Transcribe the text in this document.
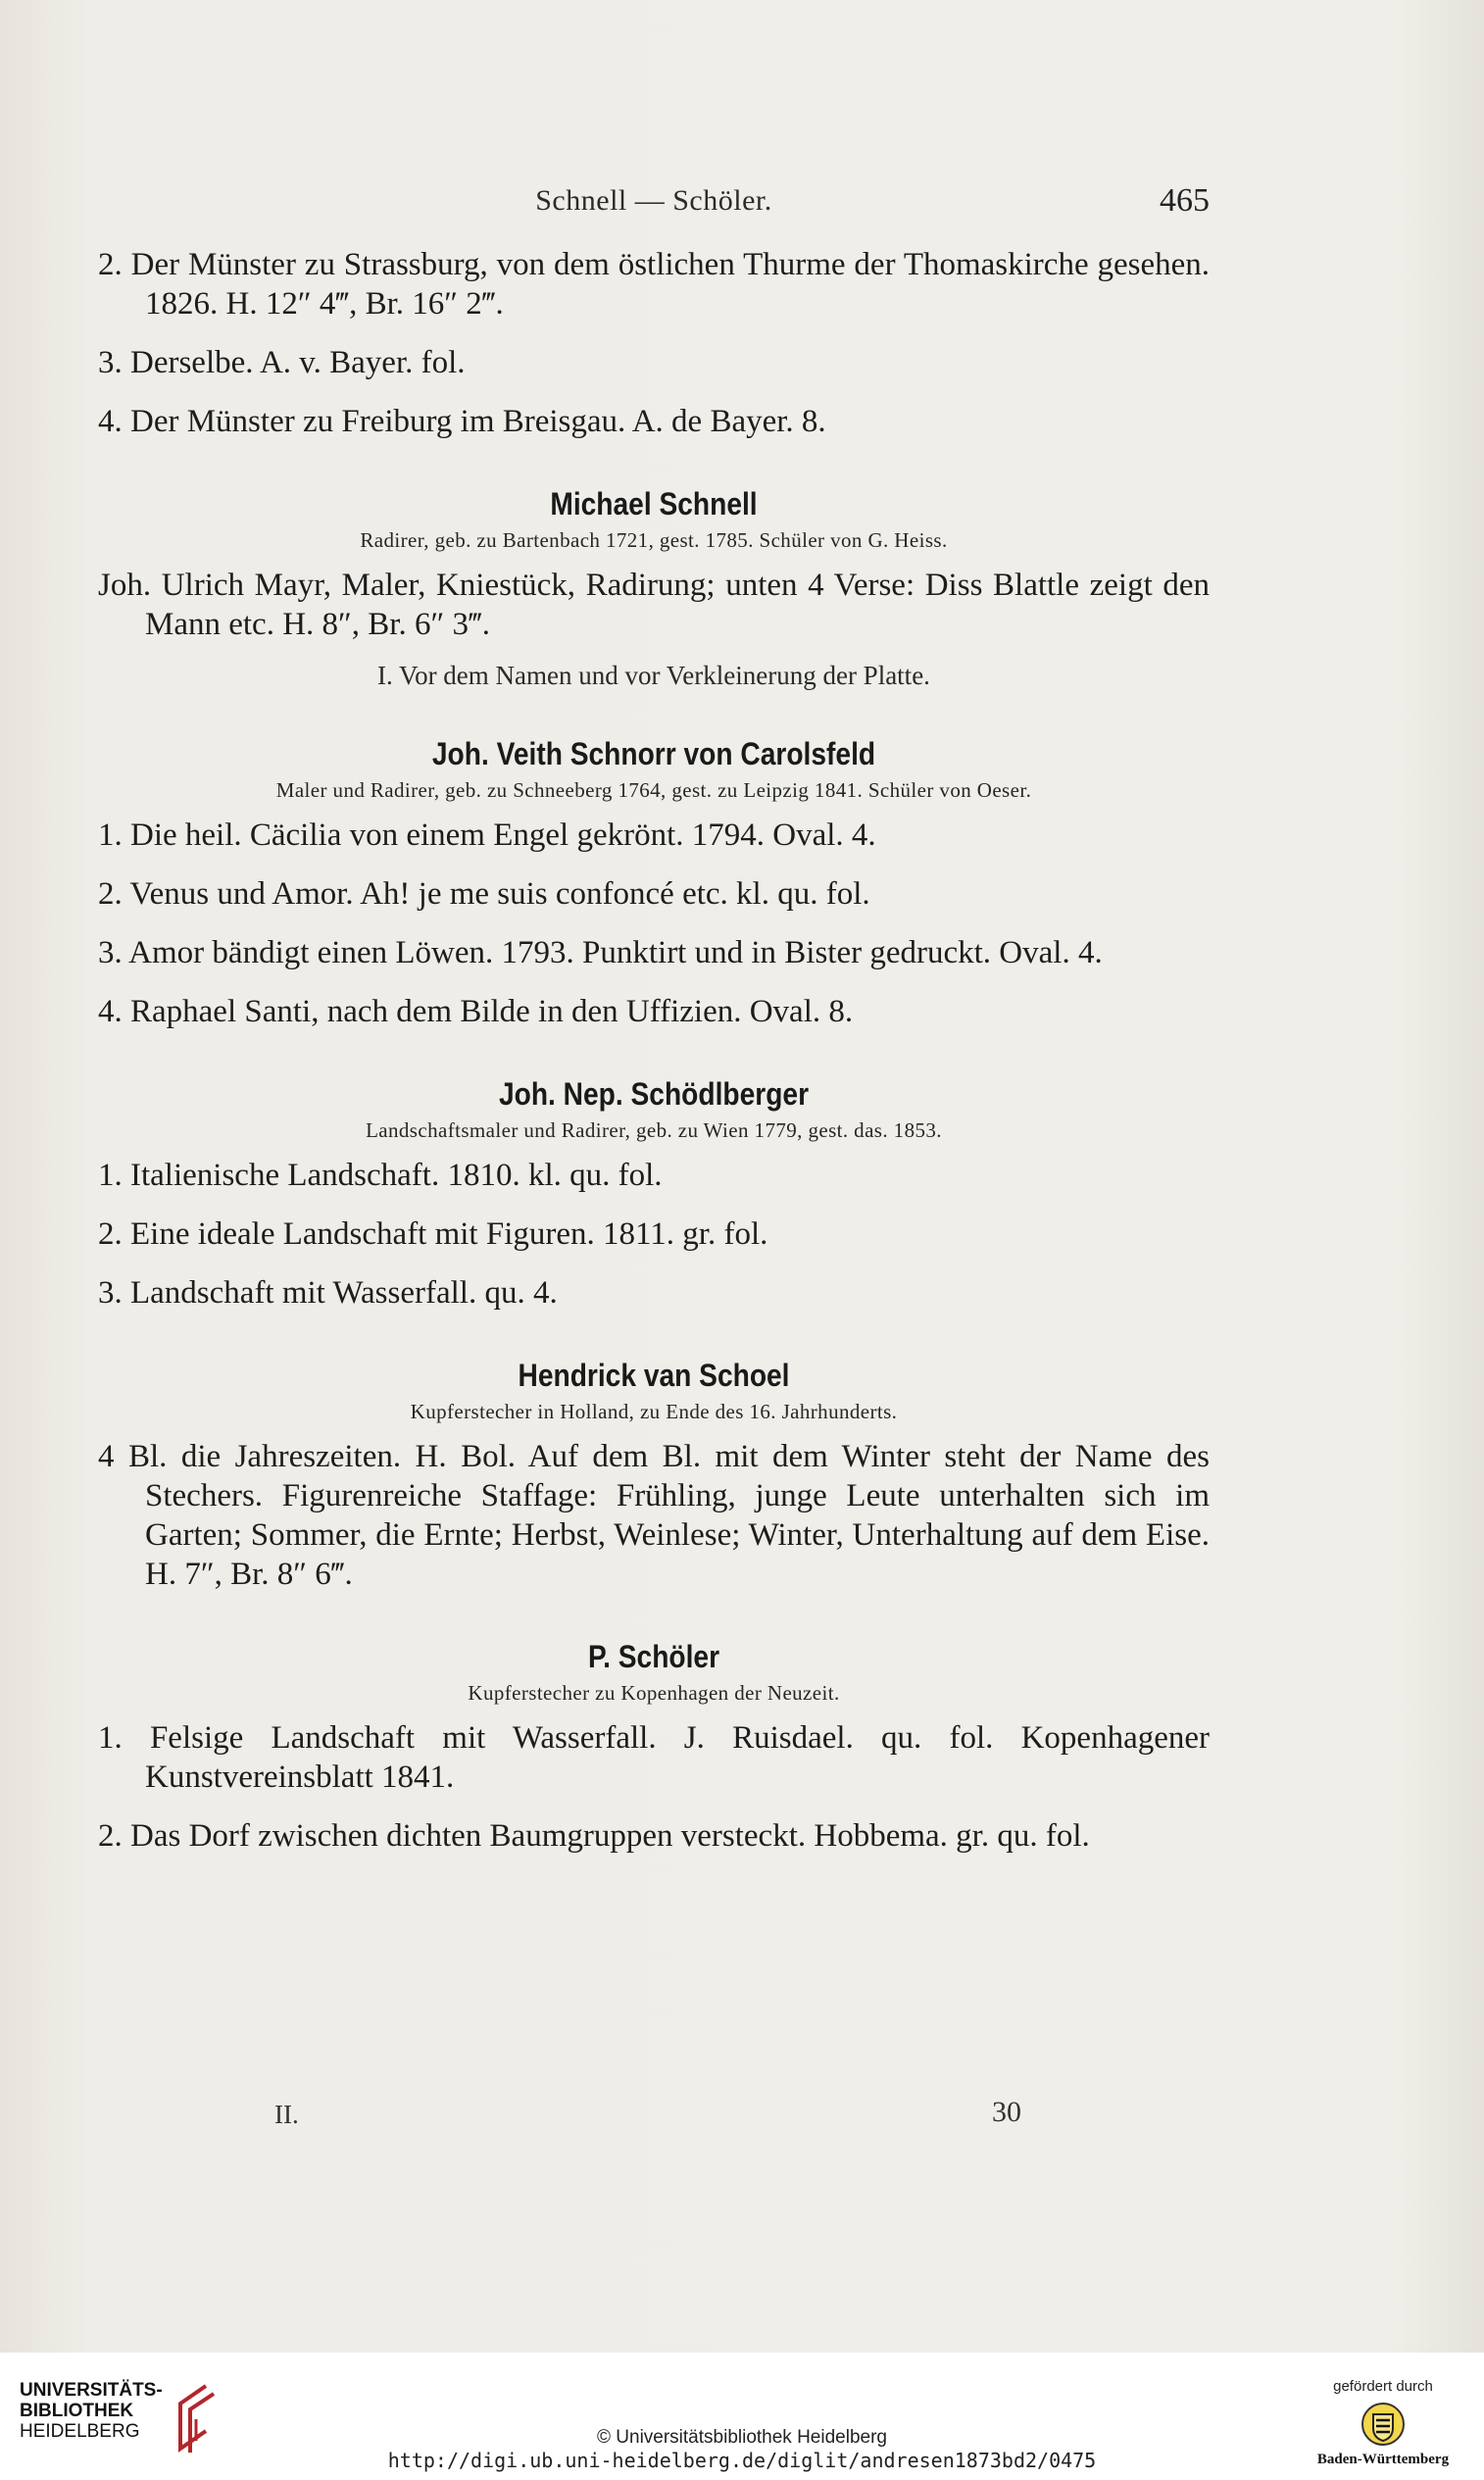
Schnell — Schöler.	465

2. Der Münster zu Strassburg, von dem östlichen Thurme der Thomaskirche gesehen. 1826. H. 12″ 4‴, Br. 16″ 2‴.

3. Derselbe. A. v. Bayer. fol.

4. Der Münster zu Freiburg im Breisgau. A. de Bayer. 8.

Michael Schnell
Radirer, geb. zu Bartenbach 1721, gest. 1785. Schüler von G. Heiss.

Joh. Ulrich Mayr, Maler, Kniestück, Radirung; unten 4 Verse: Diss Blattle zeigt den Mann etc. H. 8″, Br. 6″ 3‴.

I. Vor dem Namen und vor Verkleinerung der Platte.
Joh. Veith Schnorr von Carolsfeld
Maler und Radirer, geb. zu Schneeberg 1764, gest. zu Leipzig 1841. Schüler von Oeser.

1. Die heil. Cäcilia von einem Engel gekrönt. 1794. Oval. 4.

2. Venus und Amor. Ah! je me suis confoncé etc. kl. qu. fol.

3. Amor bändigt einen Löwen. 1793. Punktirt und in Bister gedruckt. Oval. 4.

4. Raphael Santi, nach dem Bilde in den Uffizien. Oval. 8.

Joh. Nep. Schödlberger
Landschaftsmaler und Radirer, geb. zu Wien 1779, gest. das. 1853.

1. Italienische Landschaft. 1810. kl. qu. fol.

2. Eine ideale Landschaft mit Figuren. 1811. gr. fol.

3. Landschaft mit Wasserfall. qu. 4.

Hendrick van Schoel
Kupferstecher in Holland, zu Ende des 16. Jahrhunderts.

4 Bl. die Jahreszeiten. H. Bol. Auf dem Bl. mit dem Winter steht der Name des Stechers. Figurenreiche Staffage: Frühling, junge Leute unterhalten sich im Garten; Sommer, die Ernte; Herbst, Weinlese; Winter, Unterhaltung auf dem Eise. H. 7″, Br. 8″ 6‴.

P. Schöler
Kupferstecher zu Kopenhagen der Neuzeit.

1. Felsige Landschaft mit Wasserfall. J. Ruisdael. qu. fol. Kopenhagener Kunstvereinsblatt 1841.

2. Das Dorf zwischen dichten Baumgruppen versteckt. Hobbema. gr. qu. fol.

II.	30
UNIVERSITÄTS-
BIBLIOTHEK
HEIDELBERG	© Universitätsbibliothek Heidelberg
http://digi.ub.uni-heidelberg.de/diglit/andresen1873bd2/0475
gefördert durch
Baden-Württemberg
